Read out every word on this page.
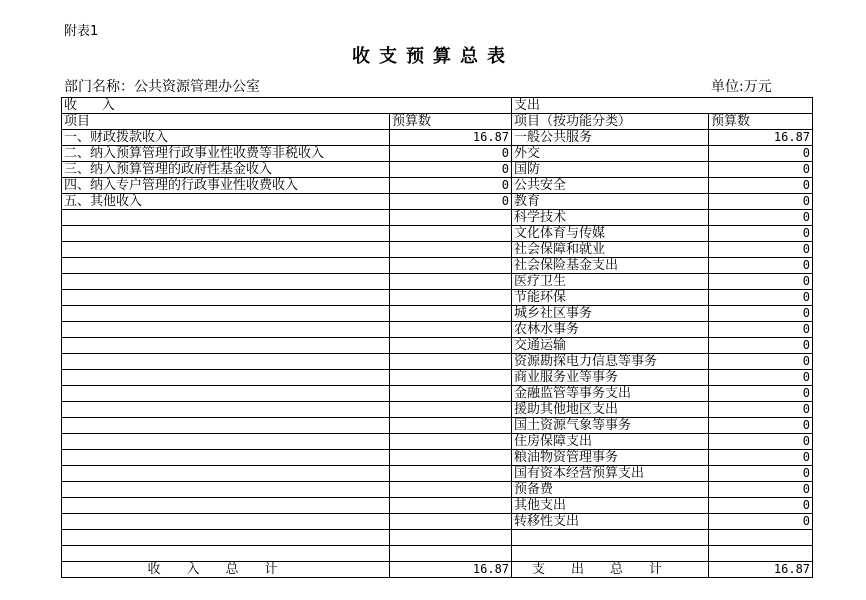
附表1
收支预算总表
部门名称：公共资源管理办公室	单位:万元
收      入		支出	
项目	预算数	项目（按功能分类）	预算数
一、财政拨款收入	16.87	一般公共服务	16.87
二、纳入预算管理行政事业性收费等非税收入	0	外交	0
三、纳入预算管理的政府性基金收入	0	国防	0
四、纳入专户管理的行政事业性收费收入	0	公共安全	0
五、其他收入	0	教育	0
		科学技术	0
		文化体育与传媒	0
		社会保障和就业	0
		社会保险基金支出	0
		医疗卫生	0
		节能环保	0
		城乡社区事务	0
		农林水事务	0
		交通运输	0
		资源勘探电力信息等事务	0
		商业服务业等事务	0
		金融监管等事务支出	0
		援助其他地区支出	0
		国土资源气象等事务	0
		住房保障支出	0
		粮油物资管理事务	0
		国有资本经营预算支出	0
		预备费	0
		其他支出	0
		转移性支出	0

收入总计	16.87	支出总计	16.87
